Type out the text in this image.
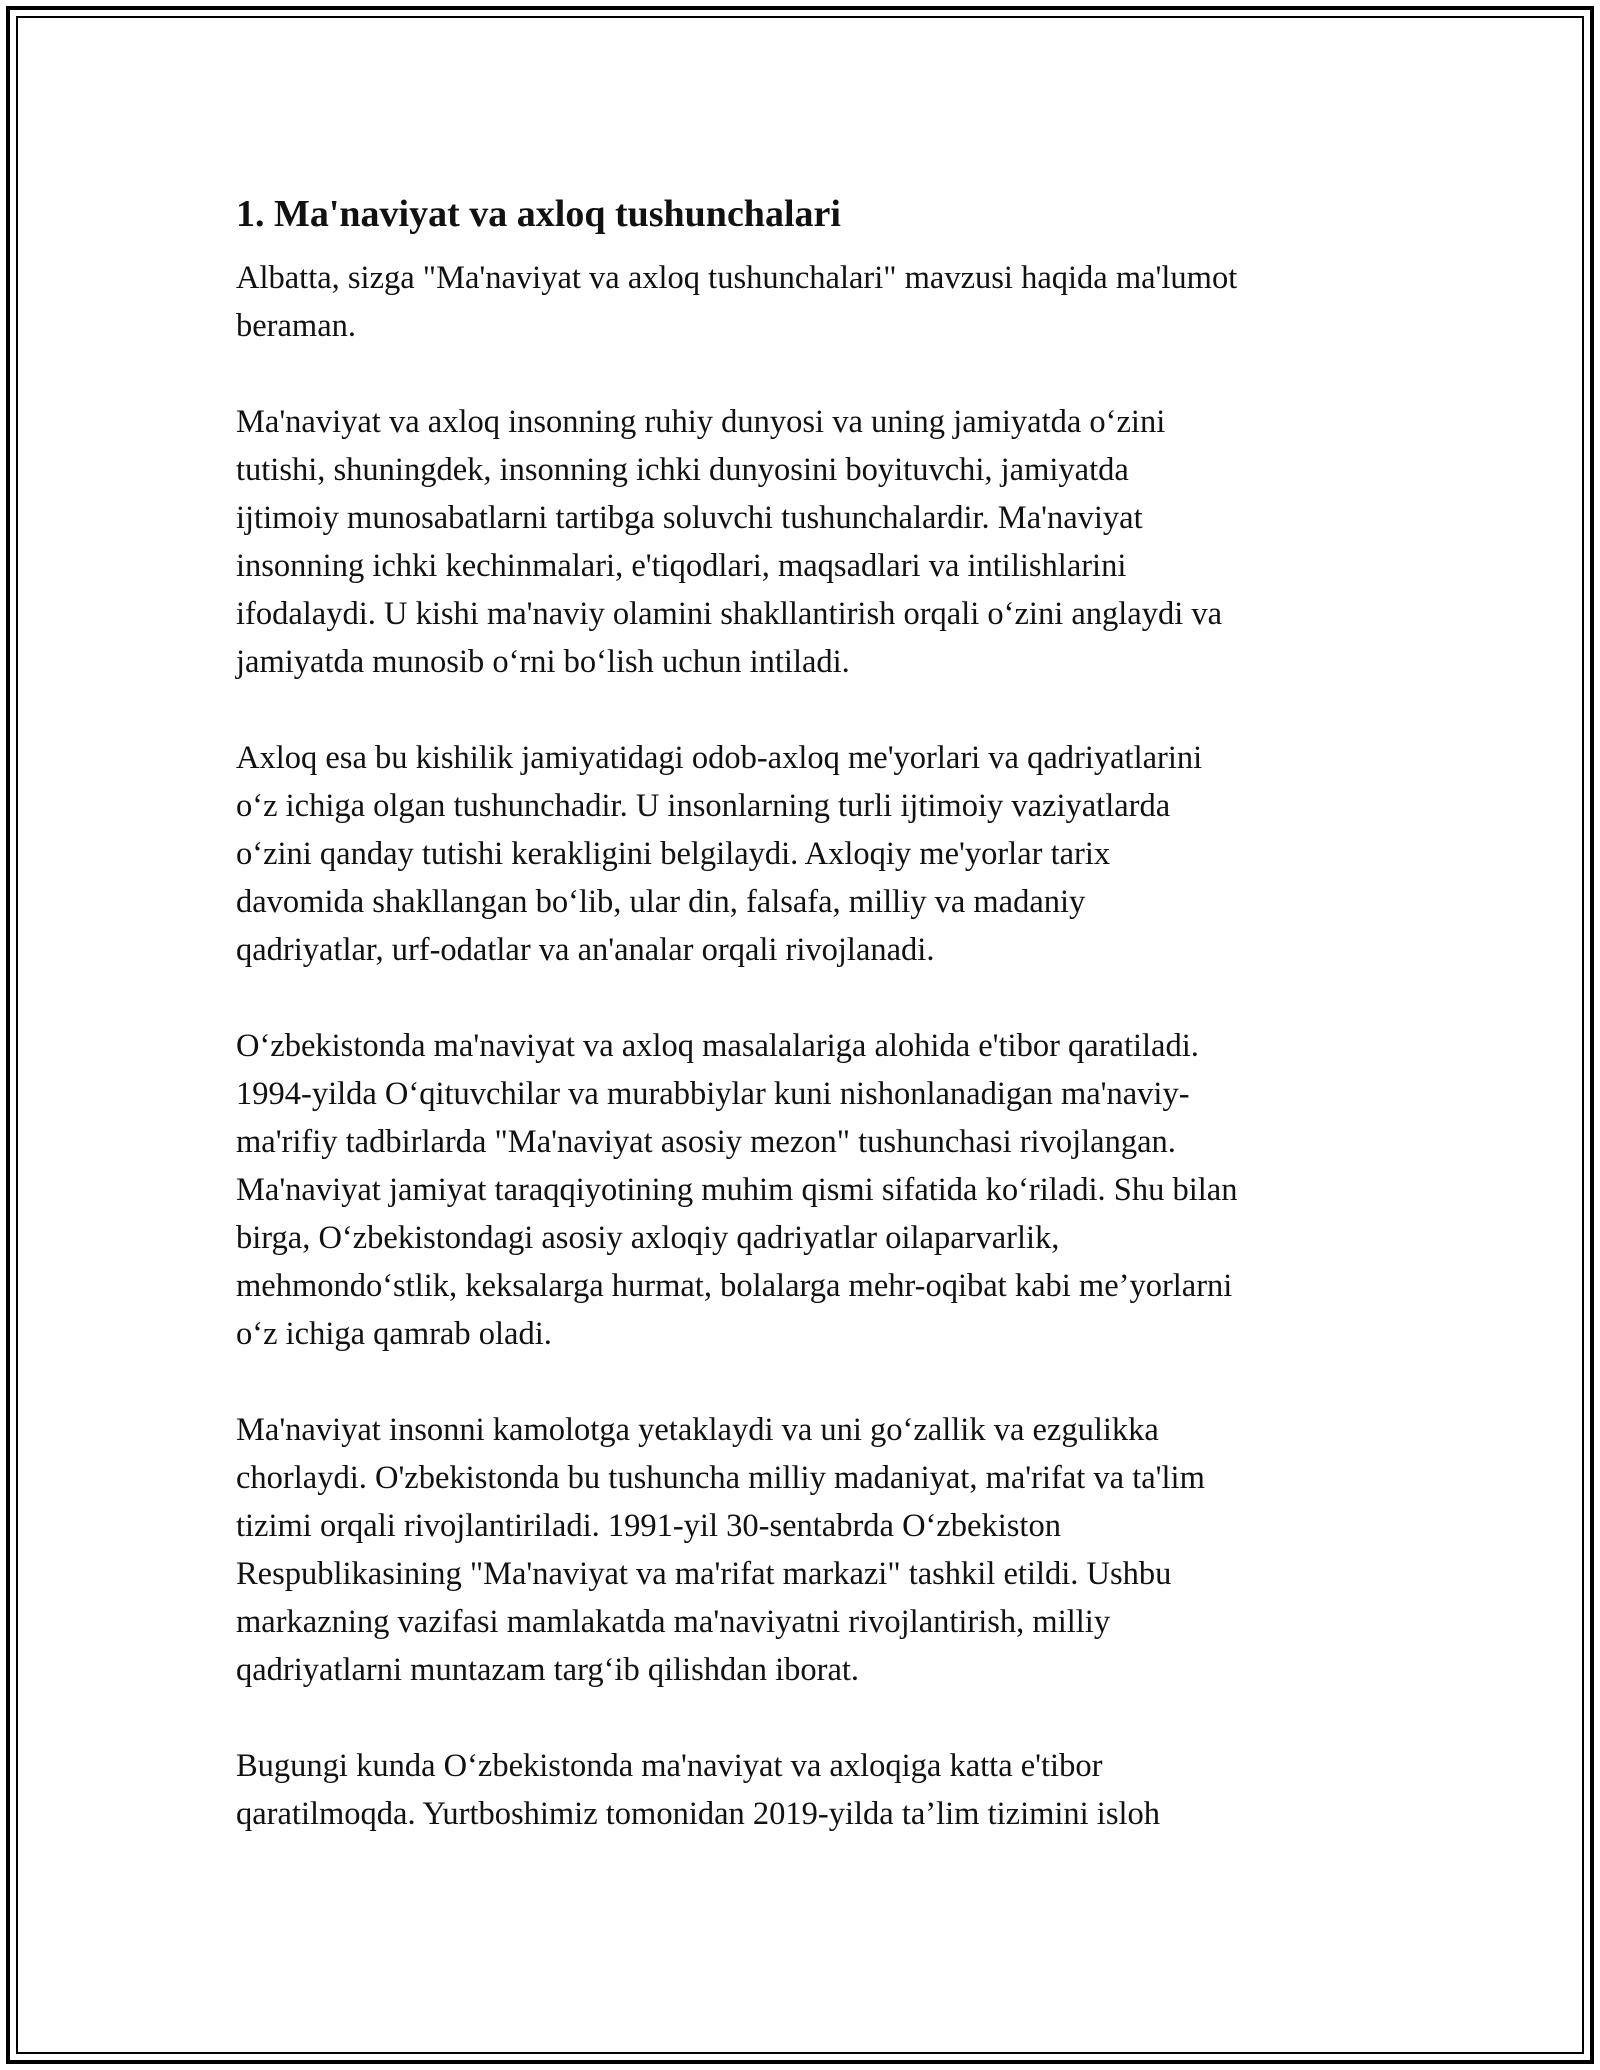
1. Ma'naviyat va axloq tushunchalari

Albatta, sizga "Ma'naviyat va axloq tushunchalari" mavzusi haqida ma'lumot
beraman.

Ma'naviyat va axloq insonning ruhiy dunyosi va uning jamiyatda o‘zini
tutishi, shuningdek, insonning ichki dunyosini boyituvchi, jamiyatda
ijtimoiy munosabatlarni tartibga soluvchi tushunchalardir. Ma'naviyat
insonning ichki kechinmalari, e'tiqodlari, maqsadlari va intilishlarini
ifodalaydi. U kishi ma'naviy olamini shakllantirish orqali o‘zini anglaydi va
jamiyatda munosib o‘rni bo‘lish uchun intiladi.

Axloq esa bu kishilik jamiyatidagi odob-axloq me'yorlari va qadriyatlarini
o‘z ichiga olgan tushunchadir. U insonlarning turli ijtimoiy vaziyatlarda
o‘zini qanday tutishi kerakligini belgilaydi. Axloqiy me'yorlar tarix
davomida shakllangan bo‘lib, ular din, falsafa, milliy va madaniy
qadriyatlar, urf-odatlar va an'analar orqali rivojlanadi.

O‘zbekistonda ma'naviyat va axloq masalalariga alohida e'tibor qaratiladi.
1994-yilda O‘qituvchilar va murabbiylar kuni nishonlanadigan ma'naviy-
ma'rifiy tadbirlarda "Ma'naviyat asosiy mezon" tushunchasi rivojlangan.
Ma'naviyat jamiyat taraqqiyotining muhim qismi sifatida ko‘riladi. Shu bilan
birga, O‘zbekistondagi asosiy axloqiy qadriyatlar oilaparvarlik,
mehmondo‘stlik, keksalarga hurmat, bolalarga mehr-oqibat kabi me’yorlarni
o‘z ichiga qamrab oladi.

Ma'naviyat insonni kamolotga yetaklaydi va uni go‘zallik va ezgulikka
chorlaydi. O'zbekistonda bu tushuncha milliy madaniyat, ma'rifat va ta'lim
tizimi orqali rivojlantiriladi. 1991-yil 30-sentabrda O‘zbekiston
Respublikasining "Ma'naviyat va ma'rifat markazi" tashkil etildi. Ushbu
markazning vazifasi mamlakatda ma'naviyatni rivojlantirish, milliy
qadriyatlarni muntazam targ‘ib qilishdan iborat.

Bugungi kunda O‘zbekistonda ma'naviyat va axloqiga katta e'tibor
qaratilmoqda. Yurtboshimiz tomonidan 2019-yilda ta’lim tizimini isloh
